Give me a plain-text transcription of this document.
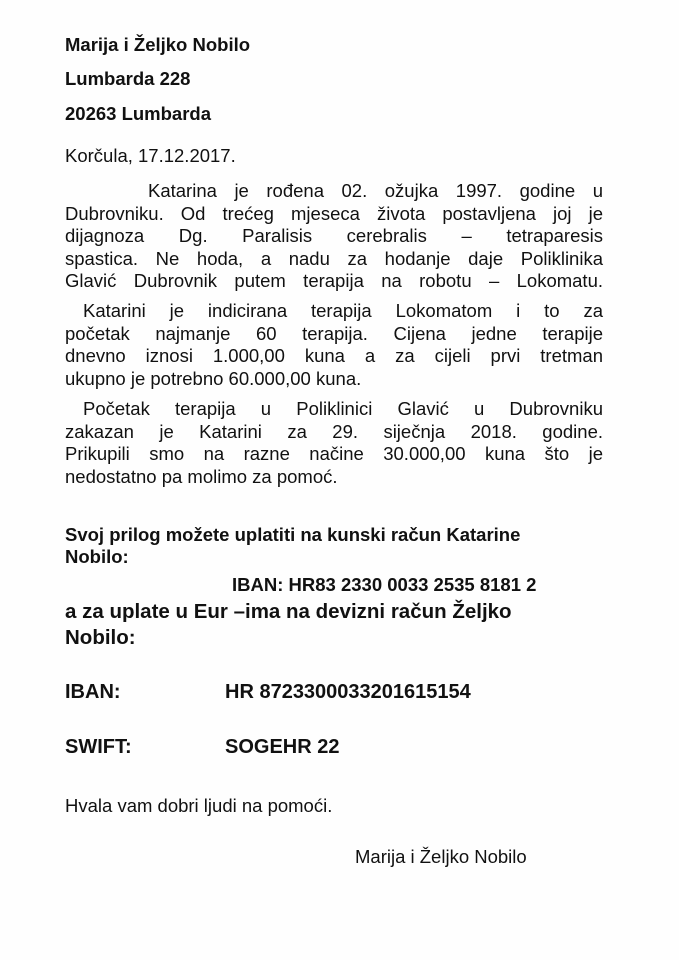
Marija i Željko Nobilo
Lumbarda 228
20263 Lumbarda
Korčula, 17.12.2017.
Katarina je rođena 02. ožujka 1997. godine u
Dubrovniku. Od trećeg mjeseca života postavljena joj je
dijagnoza Dg. Paralisis cerebralis – tetraparesis
spastica. Ne hoda, a nadu za hodanje daje Poliklinika
Glavić Dubrovnik putem terapija na robotu – Lokomatu.
Katarini je indicirana terapija Lokomatom i to za
početak najmanje 60 terapija. Cijena jedne terapije
dnevno iznosi 1.000,00 kuna a za cijeli prvi tretman
ukupno je potrebno 60.000,00 kuna.
Početak terapija u Poliklinici Glavić u Dubrovniku
zakazan je Katarini za 29. siječnja 2018. godine.
Prikupili smo na razne načine 30.000,00 kuna što je
nedostatno pa molimo za pomoć.
Svoj prilog možete uplatiti na kunski račun Katarine
Nobilo:
IBAN: HR83 2330 0033 2535 8181 2
a za uplate u Eur –ima na devizni račun Željko
Nobilo:
IBAN:	HR 8723300033201615154
SWIFT:	SOGEHR 22
Hvala vam dobri ljudi na pomoći.
Marija i Željko Nobilo
